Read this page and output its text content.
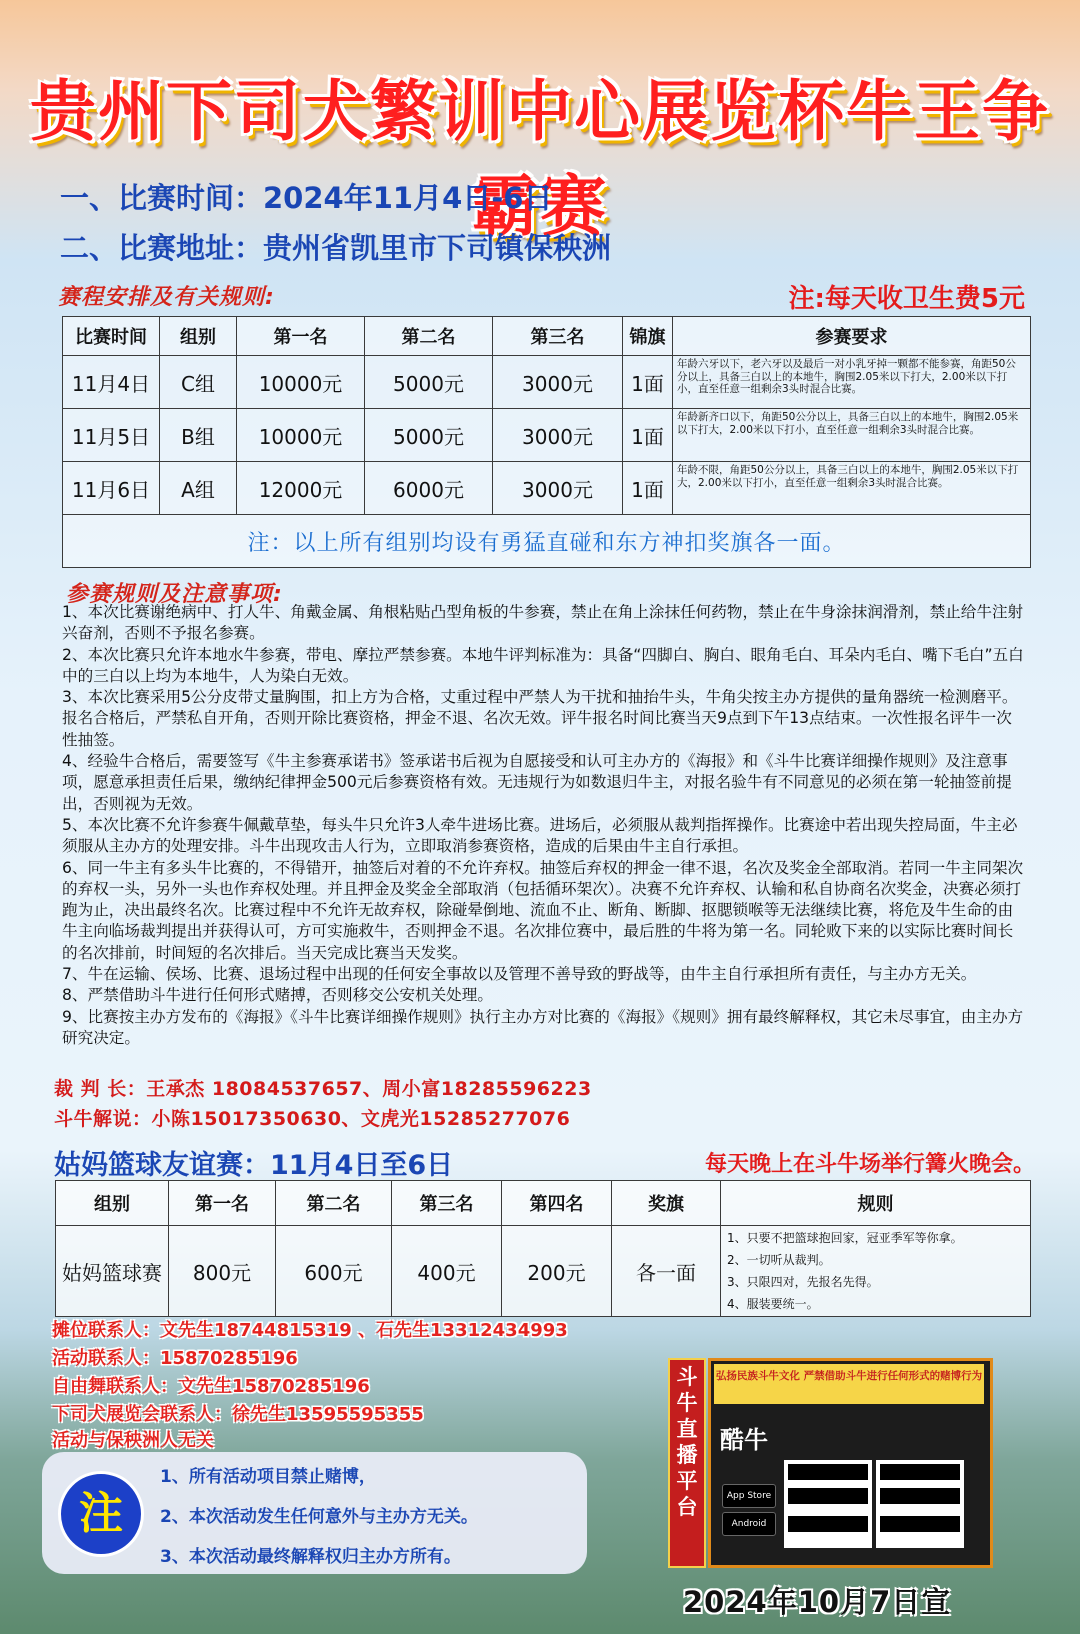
贵州下司犬繁训中心展览杯牛王争霸赛
一、比赛时间：2024年11月4日-6日
二、比赛地址：贵州省凯里市下司镇保秧洲
赛程安排及有关规则:	注:每天收卫生费5元
比赛时间	组别	第一名	第二名	第三名	锦旗	参赛要求
11月4日	C组	10000元	5000元	3000元	1面	年龄六牙以下，老六牙以及最后一对小乳牙掉一颗都不能参赛，角距50公分以上，具备三白以上的本地牛，胸围2.05米以下打大，2.00米以下打小，直至任意一组剩余3头时混合比赛。
11月5日	B组	10000元	5000元	3000元	1面	年龄新齐口以下，角距50公分以上，具备三白以上的本地牛，胸围2.05米以下打大，2.00米以下打小，直至任意一组剩余3头时混合比赛。
11月6日	A组	12000元	6000元	3000元	1面	年龄不限，角距50公分以上，具备三白以上的本地牛，胸围2.05米以下打大，2.00米以下打小，直至任意一组剩余3头时混合比赛。
注：以上所有组别均设有勇猛直碰和东方神扣奖旗各一面。						
参赛规则及注意事项:

1、本次比赛谢绝病中、打人牛、角戴金属、角根粘贴凸型角板的牛参赛，禁止在角上涂抹任何药物，禁止在牛身涂抹润滑剂，禁止给牛注射兴奋剂，否则不予报名参赛。

2、本次比赛只允许本地水牛参赛，带电、摩拉严禁参赛。本地牛评判标准为：具备“四脚白、胸白、眼角毛白、耳朵内毛白、嘴下毛白”五白中的三白以上均为本地牛，人为染白无效。

3、本次比赛采用5公分皮带丈量胸围，扣上方为合格，丈重过程中严禁人为干扰和抽抬牛头，牛角尖按主办方提供的量角器统一检测磨平。报名合格后，严禁私自开角，否则开除比赛资格，押金不退、名次无效。评牛报名时间比赛当天9点到下午13点结束。一次性报名评牛一次性抽签。

4、经验牛合格后，需要签写《牛主参赛承诺书》签承诺书后视为自愿接受和认可主办方的《海报》和《斗牛比赛详细操作规则》及注意事项，愿意承担责任后果，缴纳纪律押金500元后参赛资格有效。无违规行为如数退归牛主，对报名验牛有不同意见的必须在第一轮抽签前提出，否则视为无效。

5、本次比赛不允许参赛牛佩戴草垫，每头牛只允许3人牵牛进场比赛。进场后，必须服从裁判指挥操作。比赛途中若出现失控局面，牛主必须服从主办方的处理安排。斗牛出现攻击人行为，立即取消参赛资格，造成的后果由牛主自行承担。

6、同一牛主有多头牛比赛的，不得错开，抽签后对着的不允许弃权。抽签后弃权的押金一律不退，名次及奖金全部取消。若同一牛主同架次的弃权一头，另外一头也作弃权处理。并且押金及奖金全部取消（包括循环架次）。决赛不允许弃权、认输和私自协商名次奖金，决赛必须打跑为止，决出最终名次。比赛过程中不允许无故弃权，除碰晕倒地、流血不止、断角、断脚、抠腮锁喉等无法继续比赛，将危及牛生命的由牛主向临场裁判提出并获得认可，方可实施救牛，否则押金不退。名次排位赛中，最后胜的牛将为第一名。同轮败下来的以实际比赛时间长的名次排前，时间短的名次排后。当天完成比赛当天发奖。

7、牛在运输、侯场、比赛、退场过程中出现的任何安全事故以及管理不善导致的野战等，由牛主自行承担所有责任，与主办方无关。

8、严禁借助斗牛进行任何形式赌搏，否则移交公安机关处理。

9、比赛按主办方发布的《海报》《斗牛比赛详细操作规则》执行主办方对比赛的《海报》《规则》拥有最终解释权，其它未尽事宜，由主办方研究决定。

裁 判 长：王承杰 18084537657、周小富18285596223
斗牛解说：小陈15017350630、文虎光15285277076
姑妈篮球友谊赛：11月4日至6日	每天晚上在斗牛场举行篝火晚会。
组别	第一名	第二名	第三名	第四名	奖旗	规则
姑妈篮球赛	800元	600元	400元	200元	各一面	1、只要不把篮球抱回家，冠亚季军等你拿。
2、一切听从裁判。
3、只限四对，先报名先得。
4、服装要统一。
摊位联系人：文先生18744815319 、石先生13312434993
活动联系人：15870285196
自由舞联系人：文先生15870285196
下司犬展览会联系人：徐先生13595595355
活动与保秧洲人无关
注
1、所有活动项目禁止赌博，
2、本次活动发生任何意外与主办方无关。
3、本次活动最终解释权归主办方所有。
斗牛直播平台
弘扬民族斗牛文化 严禁借助斗牛进行任何形式的赌博行为
酷牛
App Store
Android
2024年10月7日宣
